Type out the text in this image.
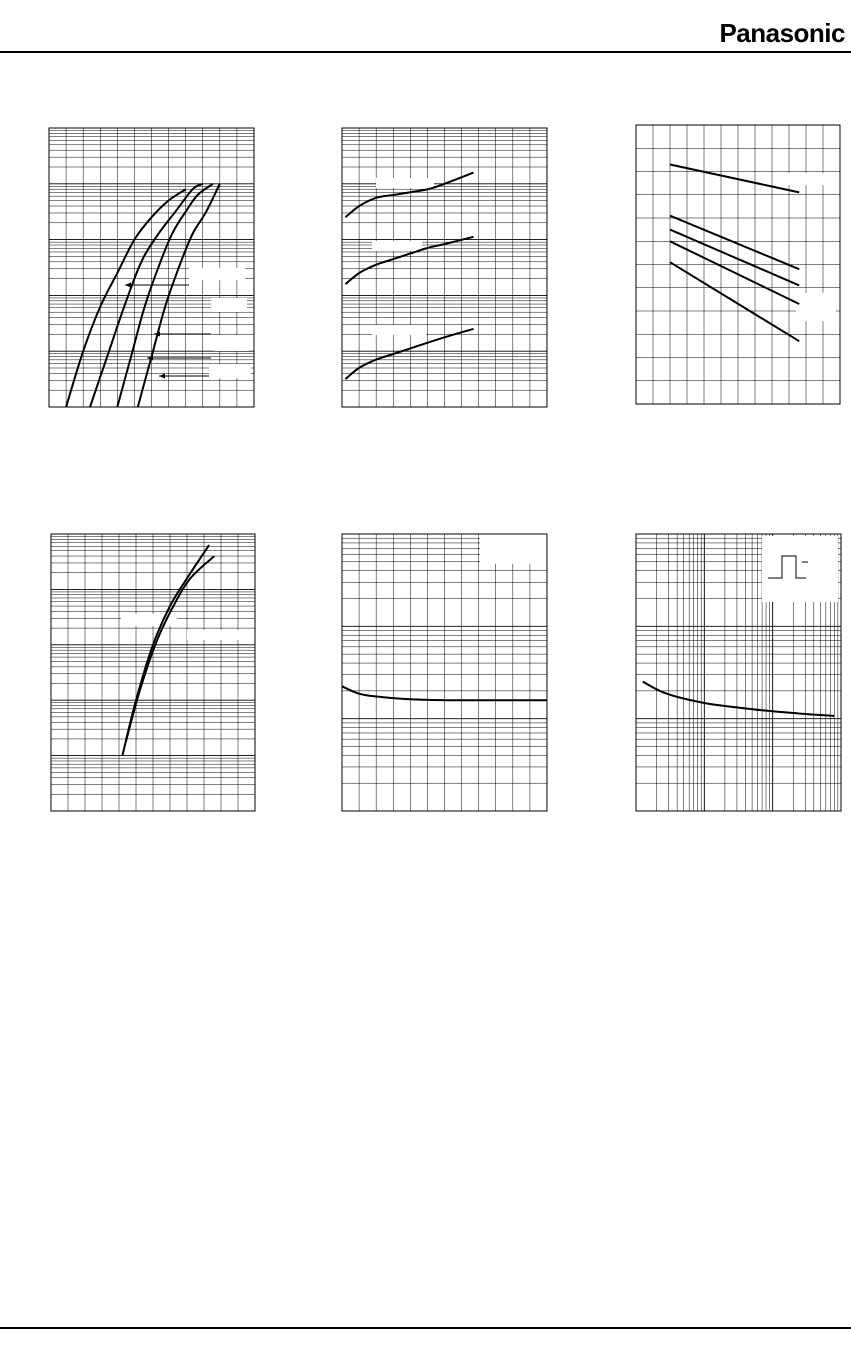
Panasonic
